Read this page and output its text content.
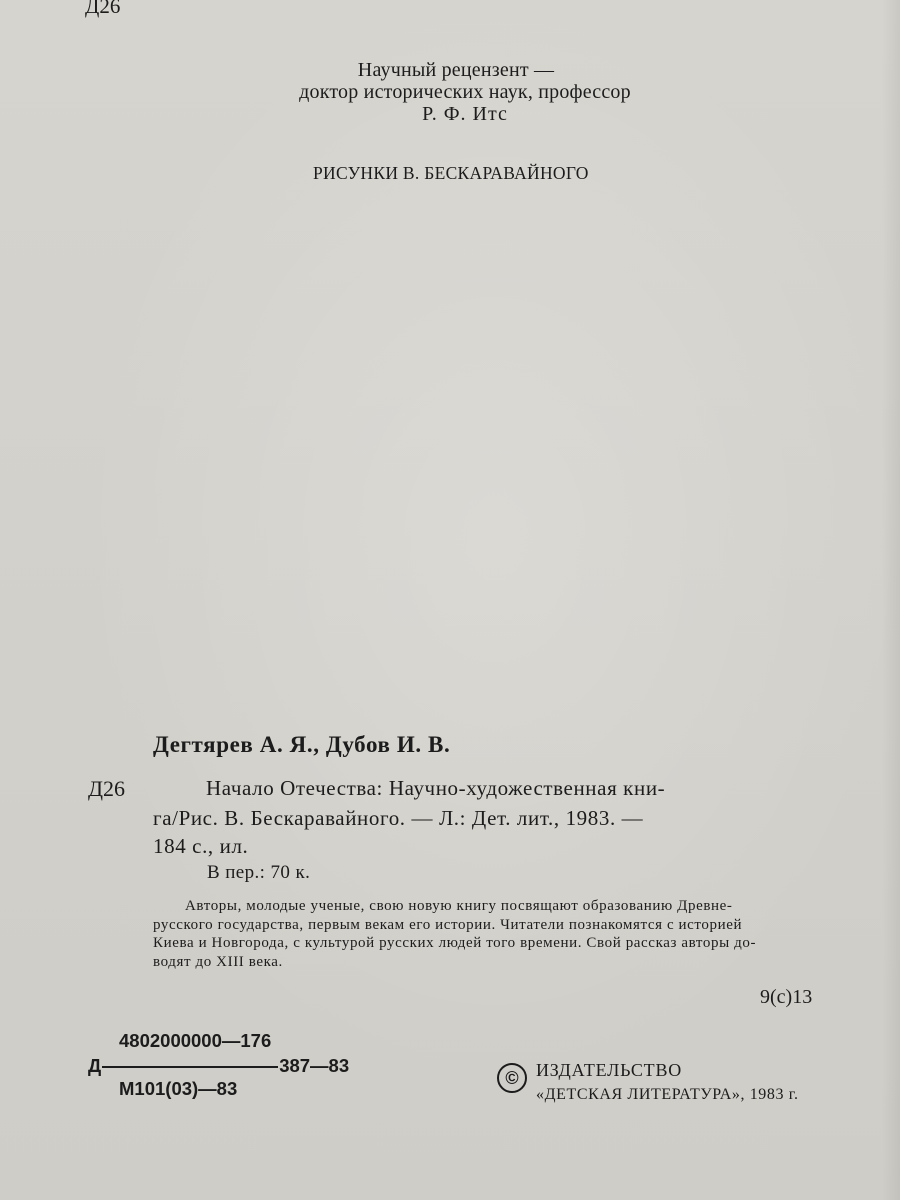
Д26
Научный рецензент —
доктор исторических наук, профессор
Р. Ф. Итс
РИСУНКИ В. БЕСКАРАВАЙНОГО
Дегтярев А. Я., Дубов И. В.
Д26	Начало Отечества: Научно-художественная кни-
га/Рис. В. Бескаравайного. — Л.: Дет. лит., 1983. —
184 с., ил.
В пер.: 70 к.
Авторы, молодые ученые, свою новую книгу посвящают образованию Древне-
русского государства, первым векам его истории. Читатели познакомятся с историей
Киева и Новгорода, с культурой русских людей того времени. Свой рассказ авторы до-
водят до XIII века.
9(с)13
4802000000—176
Д	387—83
М101(03)—83	© ИЗДАТЕЛЬСТВО
«ДЕТСКАЯ ЛИТЕРАТУРА», 1983 г.
